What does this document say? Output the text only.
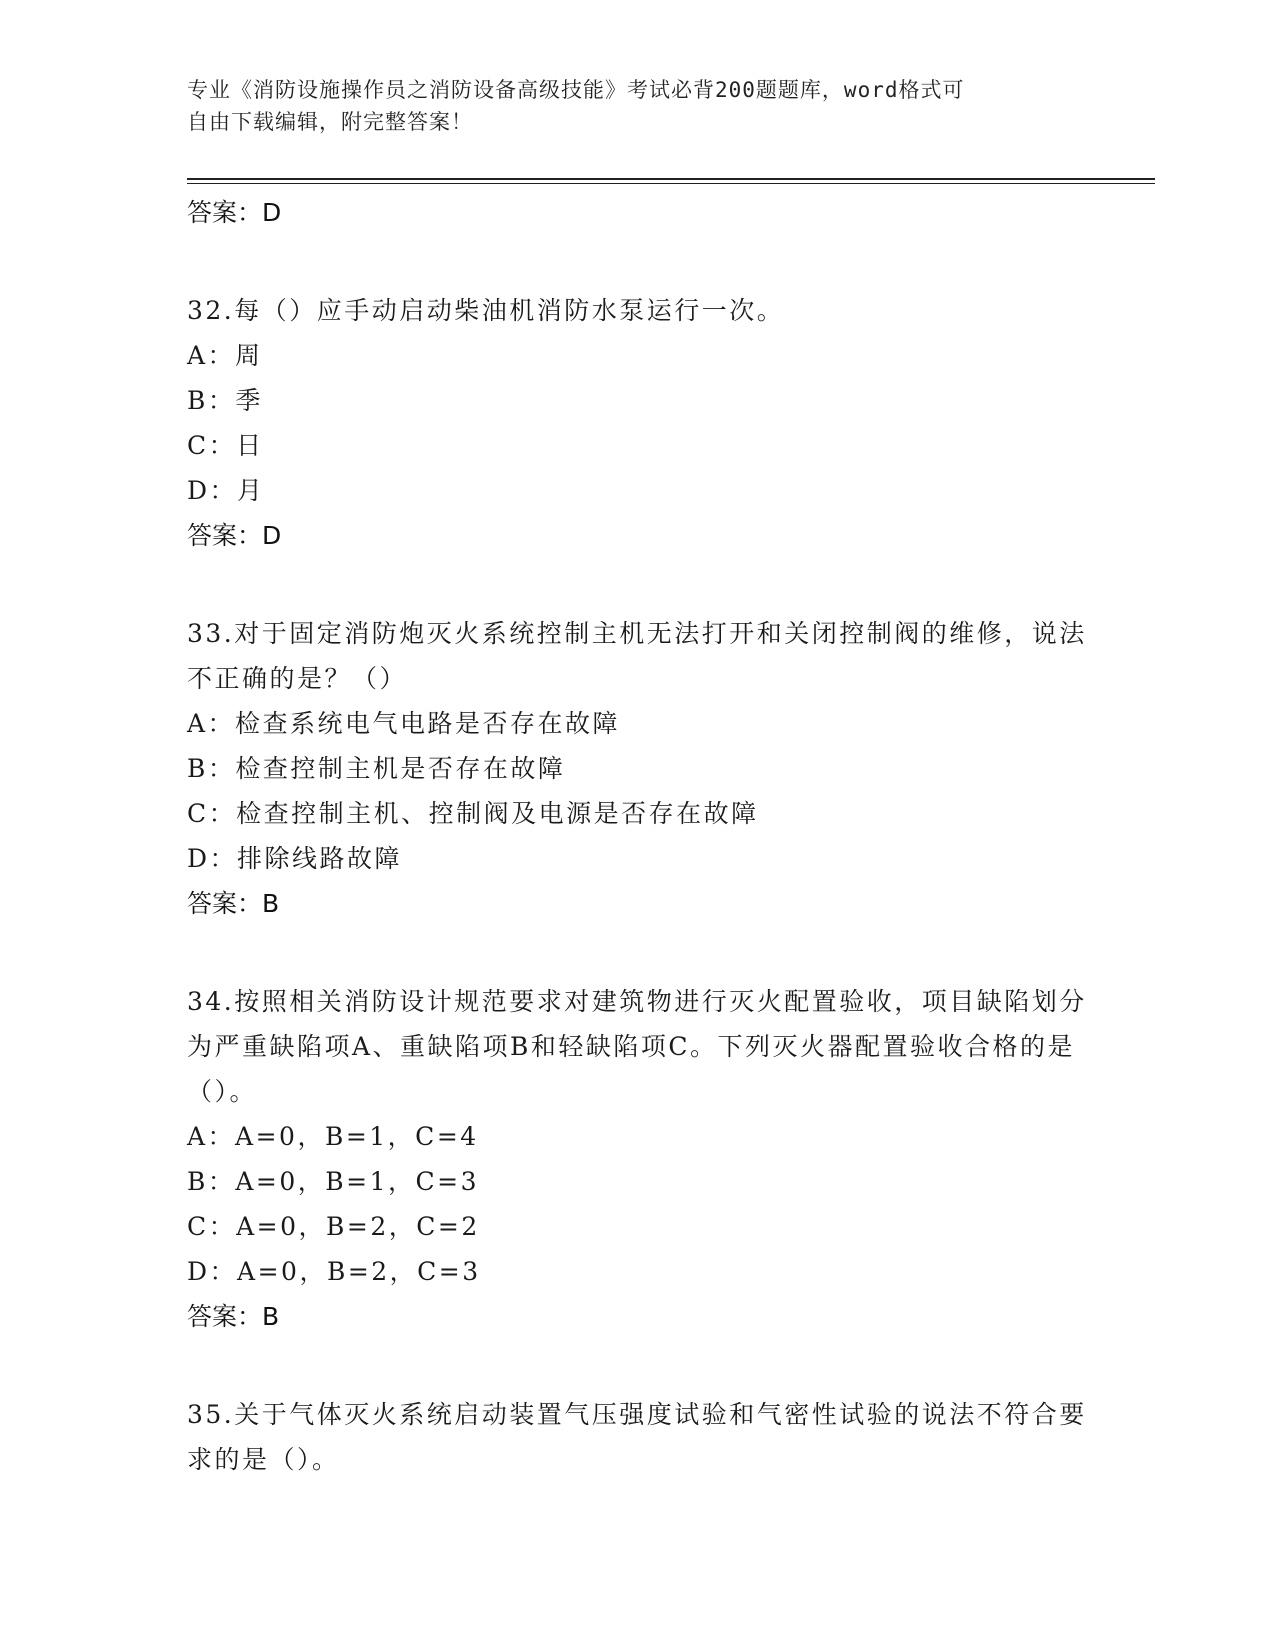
专业《消防设施操作员之消防设备高级技能》考试必背200题题库，word格式可
自由下载编辑，附完整答案！
答案：D
32.每（）应手动启动柴油机消防水泵运行一次。
A：周
B：季
C：日
D：月
答案：D
33.对于固定消防炮灭火系统控制主机无法打开和关闭控制阀的维修，说法不正确的是？（）
A：检查系统电气电路是否存在故障
B：检查控制主机是否存在故障
C：检查控制主机、控制阀及电源是否存在故障
D：排除线路故障
答案：B
34.按照相关消防设计规范要求对建筑物进行灭火配置验收，项目缺陷划分为严重缺陷项A、重缺陷项B和轻缺陷项C。下列灭火器配置验收合格的是（）。
A：A=0，B=1，C=4
B：A=0，B=1，C=3
C：A=0，B=2，C=2
D：A=0，B=2，C=3
答案：B
35.关于气体灭火系统启动装置气压强度试验和气密性试验的说法不符合要求的是（）。
